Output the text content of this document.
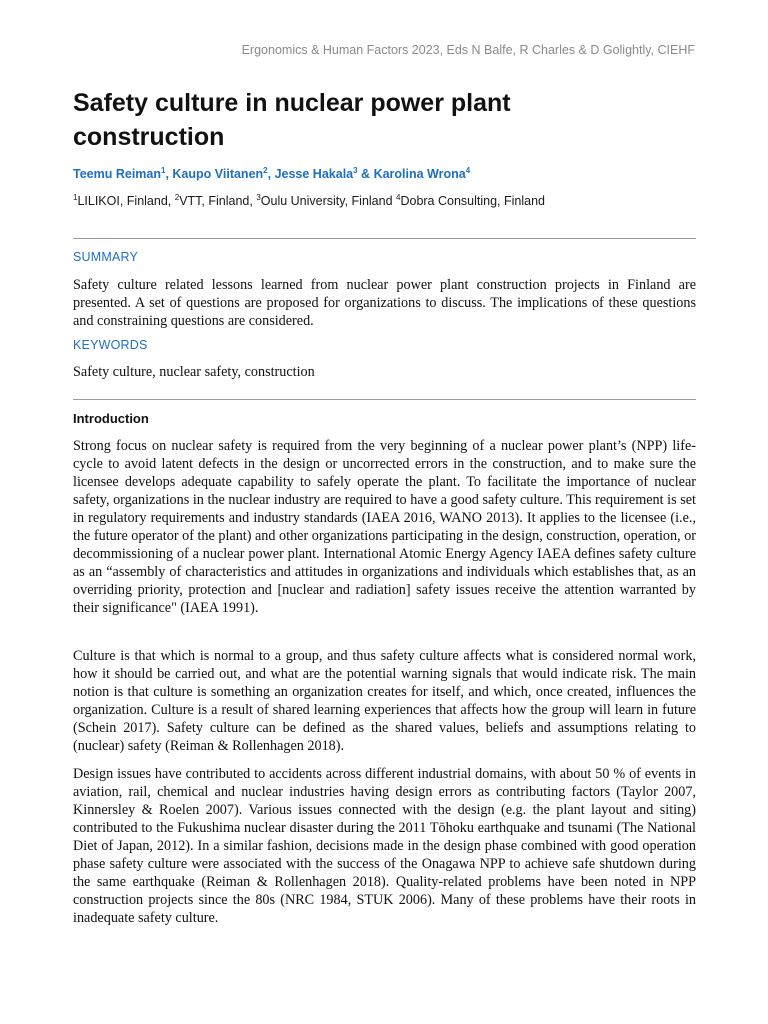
Ergonomics & Human Factors 2023, Eds N Balfe, R Charles & D Golightly, CIEHF
Safety culture in nuclear power plant construction
Teemu Reiman$^1$, Kaupo Viitanen$^2$, Jesse Hakala$^3$ & Karolina Wrona$^4$
$^1$LILIKOI, Finland, $^2$VTT, Finland, $^3$Oulu University, Finland $^4$Dobra Consulting, Finland
SUMMARY

Safety culture related lessons learned from nuclear power plant construction projects in Finland are presented. A set of questions are proposed for organizations to discuss. The implications of these questions and constraining questions are considered.

KEYWORDS

Safety culture, nuclear safety, construction

Introduction

Strong focus on nuclear safety is required from the very beginning of a nuclear power plant’s (NPP) life-cycle to avoid latent defects in the design or uncorrected errors in the construction, and to make sure the licensee develops adequate capability to safely operate the plant. To facilitate the importance of nuclear safety, organizations in the nuclear industry are required to have a good safety culture. This requirement is set in regulatory requirements and industry standards (IAEA 2016, WANO 2013). It applies to the licensee (i.e., the future operator of the plant) and other organizations participating in the design, construction, operation, or decommissioning of a nuclear power plant. International Atomic Energy Agency IAEA defines safety culture as an “assembly of characteristics and attitudes in organizations and individuals which establishes that, as an overriding priority, protection and [nuclear and radiation] safety issues receive the attention warranted by their significance" (IAEA 1991).

Culture is that which is normal to a group, and thus safety culture affects what is considered normal work, how it should be carried out, and what are the potential warning signals that would indicate risk. The main notion is that culture is something an organization creates for itself, and which, once created, influences the organization. Culture is a result of shared learning experiences that affects how the group will learn in future (Schein 2017). Safety culture can be defined as the shared values, beliefs and assumptions relating to (nuclear) safety (Reiman & Rollenhagen 2018).

Design issues have contributed to accidents across different industrial domains, with about 50 % of events in aviation, rail, chemical and nuclear industries having design errors as contributing factors (Taylor 2007, Kinnersley & Roelen 2007). Various issues connected with the design (e.g. the plant layout and siting) contributed to the Fukushima nuclear disaster during the 2011 Tōhoku earthquake and tsunami (The National Diet of Japan, 2012). In a similar fashion, decisions made in the design phase combined with good operation phase safety culture were associated with the success of the Onagawa NPP to achieve safe shutdown during the same earthquake (Reiman & Rollenhagen 2018). Quality-related problems have been noted in NPP construction projects since the 80s (NRC 1984, STUK 2006). Many of these problems have their roots in inadequate safety culture.
